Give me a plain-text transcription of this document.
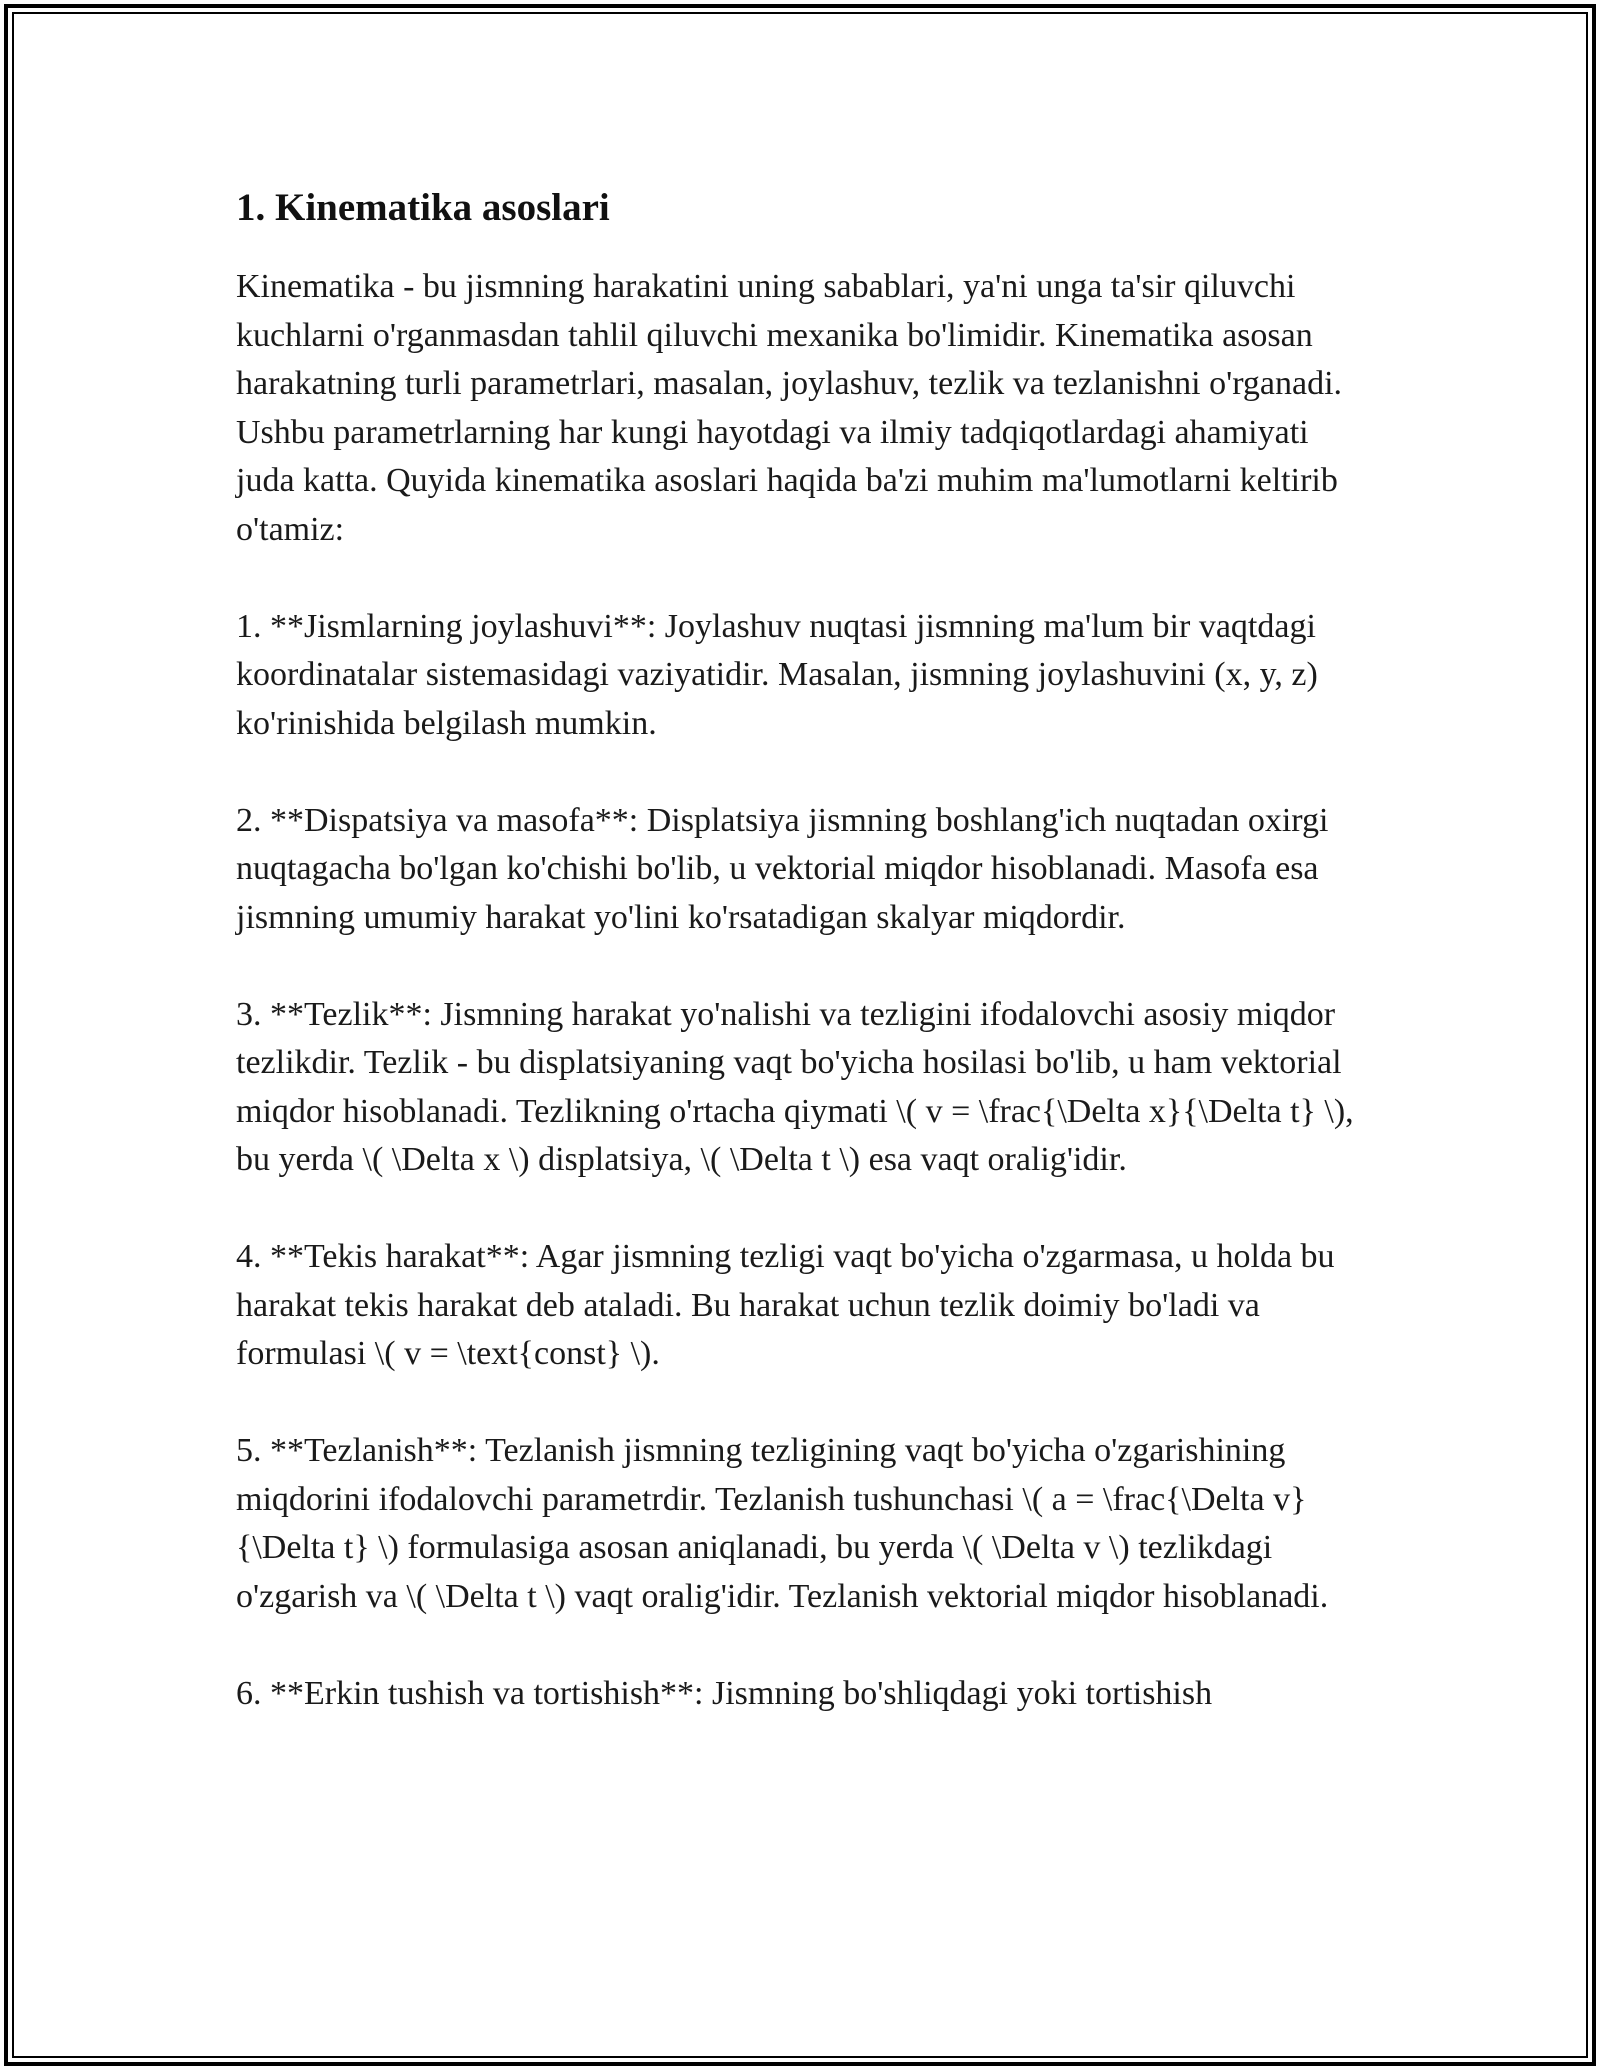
1. Kinematika asoslari

Kinematika - bu jismning harakatini uning sabablari, ya'ni unga ta'sir qiluvchi kuchlarni o'rganmasdan tahlil qiluvchi mexanika bo'limidir. Kinematika asosan harakatning turli parametrlari, masalan, joylashuv, tezlik va tezlanishni o'rganadi. Ushbu parametrlarning har kungi hayotdagi va ilmiy tadqiqotlardagi ahamiyati juda katta. Quyida kinematika asoslari haqida ba'zi muhim ma'lumotlarni keltirib o'tamiz:

1. **Jismlarning joylashuvi**: Joylashuv nuqtasi jismning ma'lum bir vaqtdagi koordinatalar sistemasidagi vaziyatidir. Masalan, jismning joylashuvini (x, y, z) ko'rinishida belgilash mumkin.

2. **Dispatsiya va masofa**: Displatsiya jismning boshlang'ich nuqtadan oxirgi nuqtagacha bo'lgan ko'chishi bo'lib, u vektorial miqdor hisoblanadi. Masofa esa jismning umumiy harakat yo'lini ko'rsatadigan skalyar miqdordir.

3. **Tezlik**: Jismning harakat yo'nalishi va tezligini ifodalovchi asosiy miqdor tezlikdir. Tezlik - bu displatsiyaning vaqt bo'yicha hosilasi bo'lib, u ham vektorial miqdor hisoblanadi. Tezlikning o'rtacha qiymati \( v = \frac{\Delta x}{\Delta t} \), bu yerda \( \Delta x \) displatsiya, \( \Delta t \) esa vaqt oralig'idir.

4. **Tekis harakat**: Agar jismning tezligi vaqt bo'yicha o'zgarmasa, u holda bu harakat tekis harakat deb ataladi. Bu harakat uchun tezlik doimiy bo'ladi va formulasi \( v = \text{const} \).

5. **Tezlanish**: Tezlanish jismning tezligining vaqt bo'yicha o'zgarishining miqdorini ifodalovchi parametrdir. Tezlanish tushunchasi \( a = \frac{\Delta v}{\Delta t} \) formulasiga asosan aniqlanadi, bu yerda \( \Delta v \) tezlikdagi o'zgarish va \( \Delta t \) vaqt oralig'idir. Tezlanish vektorial miqdor hisoblanadi.

6. **Erkin tushish va tortishish**: Jismning bo'shliqdagi yoki tortishish
